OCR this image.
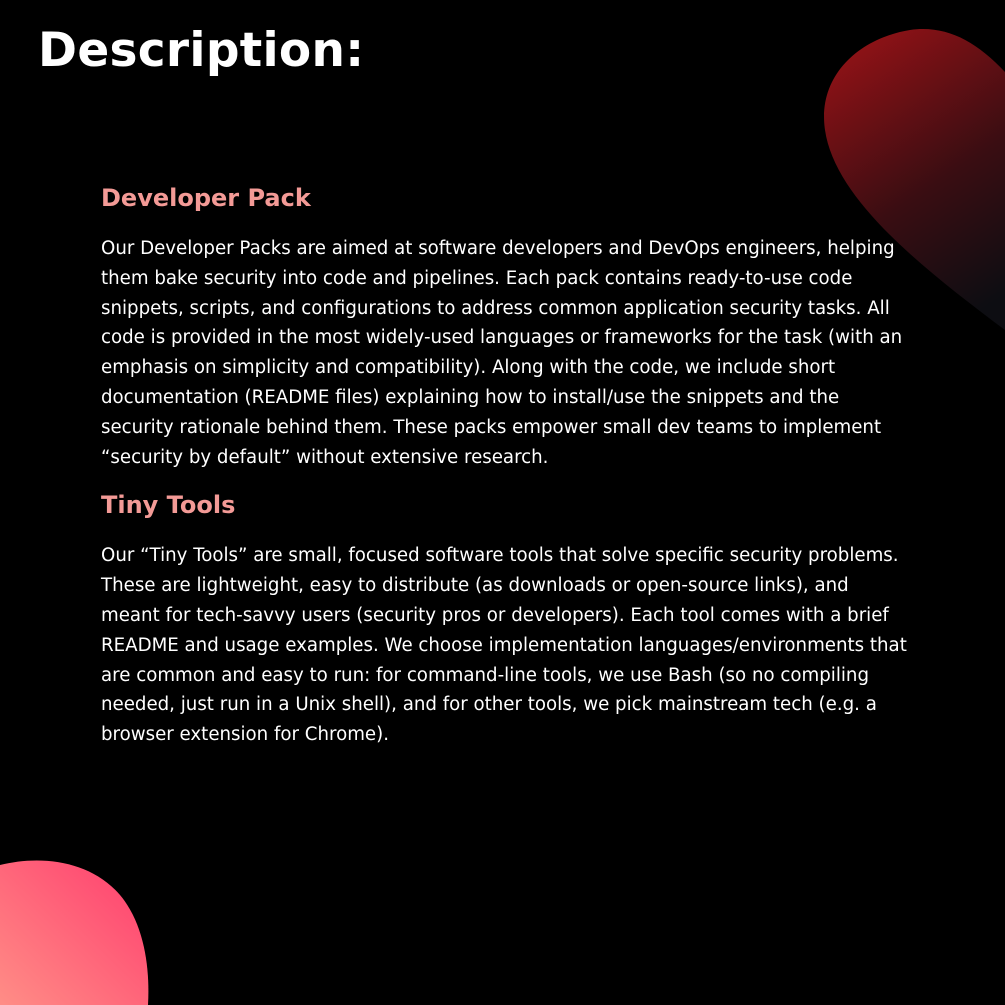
Description:
Developer Pack

Our Developer Packs are aimed at software developers and DevOps engineers, helping them bake security into code and pipelines. Each pack contains ready-to-use code snippets, scripts, and configurations to address common application security tasks. All code is provided in the most widely-used languages or frameworks for the task (with an emphasis on simplicity and compatibility). Along with the code, we include short documentation (README files) explaining how to install/use the snippets and the security rationale behind them. These packs empower small dev teams to implement “security by default” without extensive research.

Tiny Tools

Our “Tiny Tools” are small, focused software tools that solve specific security problems. These are lightweight, easy to distribute (as downloads or open-source links), and meant for tech-savvy users (security pros or developers). Each tool comes with a brief README and usage examples. We choose implementation languages/environments that are common and easy to run: for command-line tools, we use Bash (so no compiling needed, just run in a Unix shell), and for other tools, we pick mainstream tech (e.g. a browser extension for Chrome).
